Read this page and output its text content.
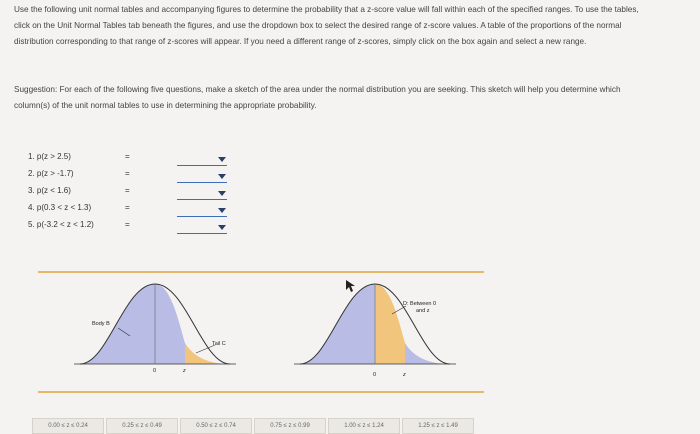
Use the following unit normal tables and accompanying figures to determine the probability that a z-score value will fall within each of the specified ranges. To use the tables, click on the Unit Normal Tables tab beneath the figures, and use the dropdown box to select the desired range of z-score values. A table of the proportions of the normal distribution corresponding to that range of z-scores will appear. If you need a different range of z-scores, simply click on the box again and select a new range.
Suggestion: For each of the following five questions, make a sketch of the area under the normal distribution you are seeking. This sketch will help you determine which column(s) of the unit normal tables to use in determining the appropriate probability.
1. p(z > 2.5)	=
2. p(z > -1.7)	=
3. p(z < 1.6)	=
4. p(0.3 < z < 1.3)	=
5. p(-3.2 < z < 1.2)	=
Body B
Tail C
0	z
D: Between 0
and z
0	z
0.00 ≤ z ≤ 0.24	0.25 ≤ z ≤ 0.49	0.50 ≤ z ≤ 0.74	0.75 ≤ z ≤ 0.99	1.00 ≤ z ≤ 1.24	1.25 ≤ z ≤ 1.49
